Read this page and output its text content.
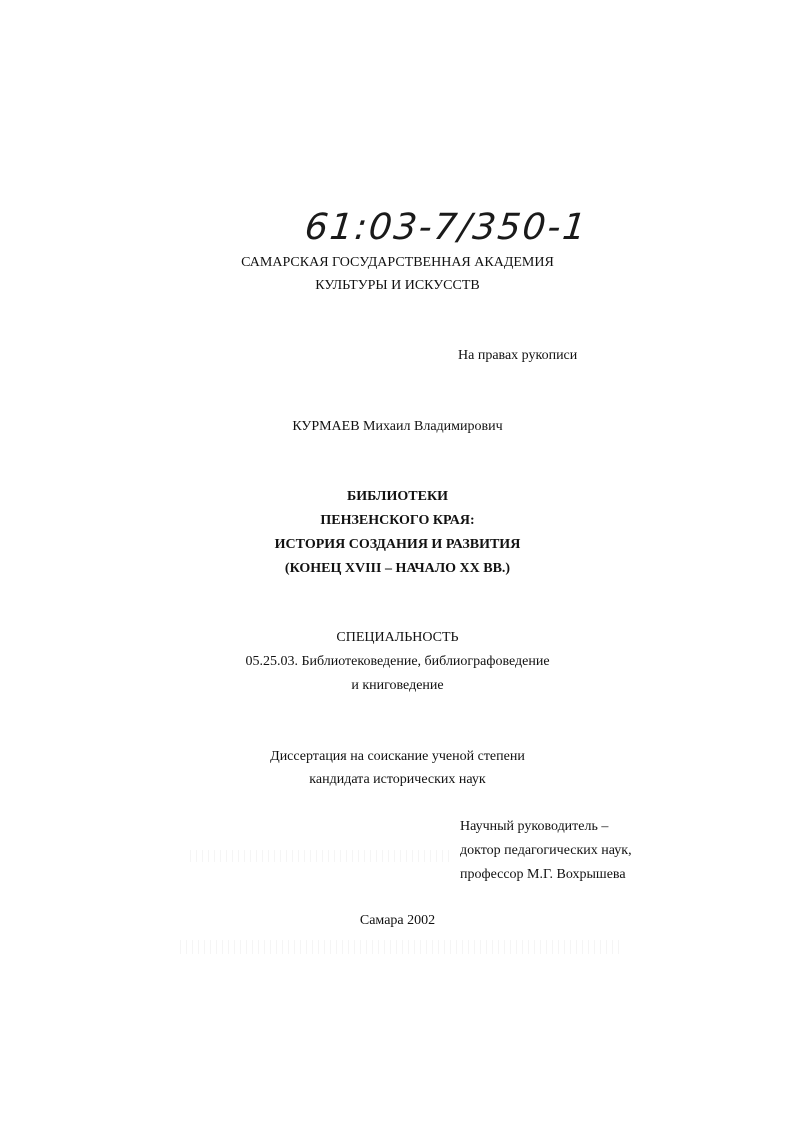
61:03-7/350-1
САМАРСКАЯ ГОСУДАРСТВЕННАЯ АКАДЕМИЯ
КУЛЬТУРЫ И ИСКУССТВ
На правах рукописи
КУРМАЕВ Михаил Владимирович
БИБЛИОТЕКИ
ПЕНЗЕНСКОГО КРАЯ:
ИСТОРИЯ СОЗДАНИЯ И РАЗВИТИЯ
(КОНЕЦ XVIII – НАЧАЛО XX ВВ.)
СПЕЦИАЛЬНОСТЬ
05.25.03. Библиотековедение, библиографоведение
и книговедение
Диссертация на соискание ученой степени
кандидата исторических наук
Научный руководитель –
доктор педагогических наук,
профессор М.Г. Вохрышева
Самара 2002
